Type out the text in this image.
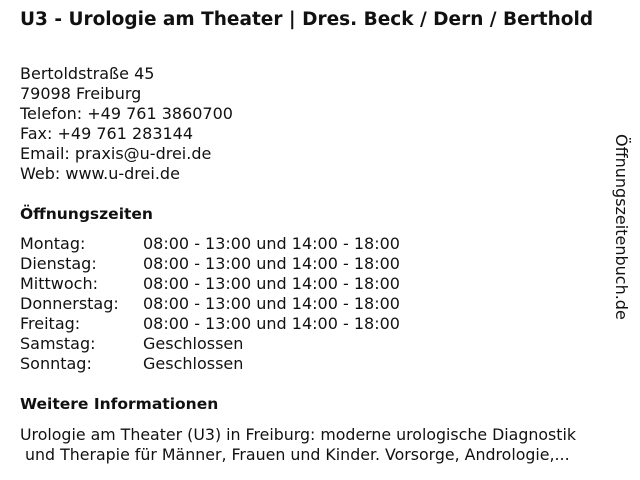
U3 - Urologie am Theater | Dres. Beck / Dern / Berthold
Bertoldstraße 45
79098 Freiburg
Telefon: +49 761 3860700
Fax: +49 761 283144
Email: praxis@u-drei.de
Web: www.u-drei.de
Öffnungszeiten
Montag:	08:00 - 13:00 und 14:00 - 18:00
Dienstag:	08:00 - 13:00 und 14:00 - 18:00
Mittwoch:	08:00 - 13:00 und 14:00 - 18:00
Donnerstag:	08:00 - 13:00 und 14:00 - 18:00
Freitag:	08:00 - 13:00 und 14:00 - 18:00
Samstag:	Geschlossen
Sonntag:	Geschlossen
Weitere Informationen
Urologie am Theater (U3) in Freiburg: moderne urologische Diagnostik
und Therapie für Männer, Frauen und Kinder. Vorsorge, Andrologie,...
Öffnungszeitenbuch.de
